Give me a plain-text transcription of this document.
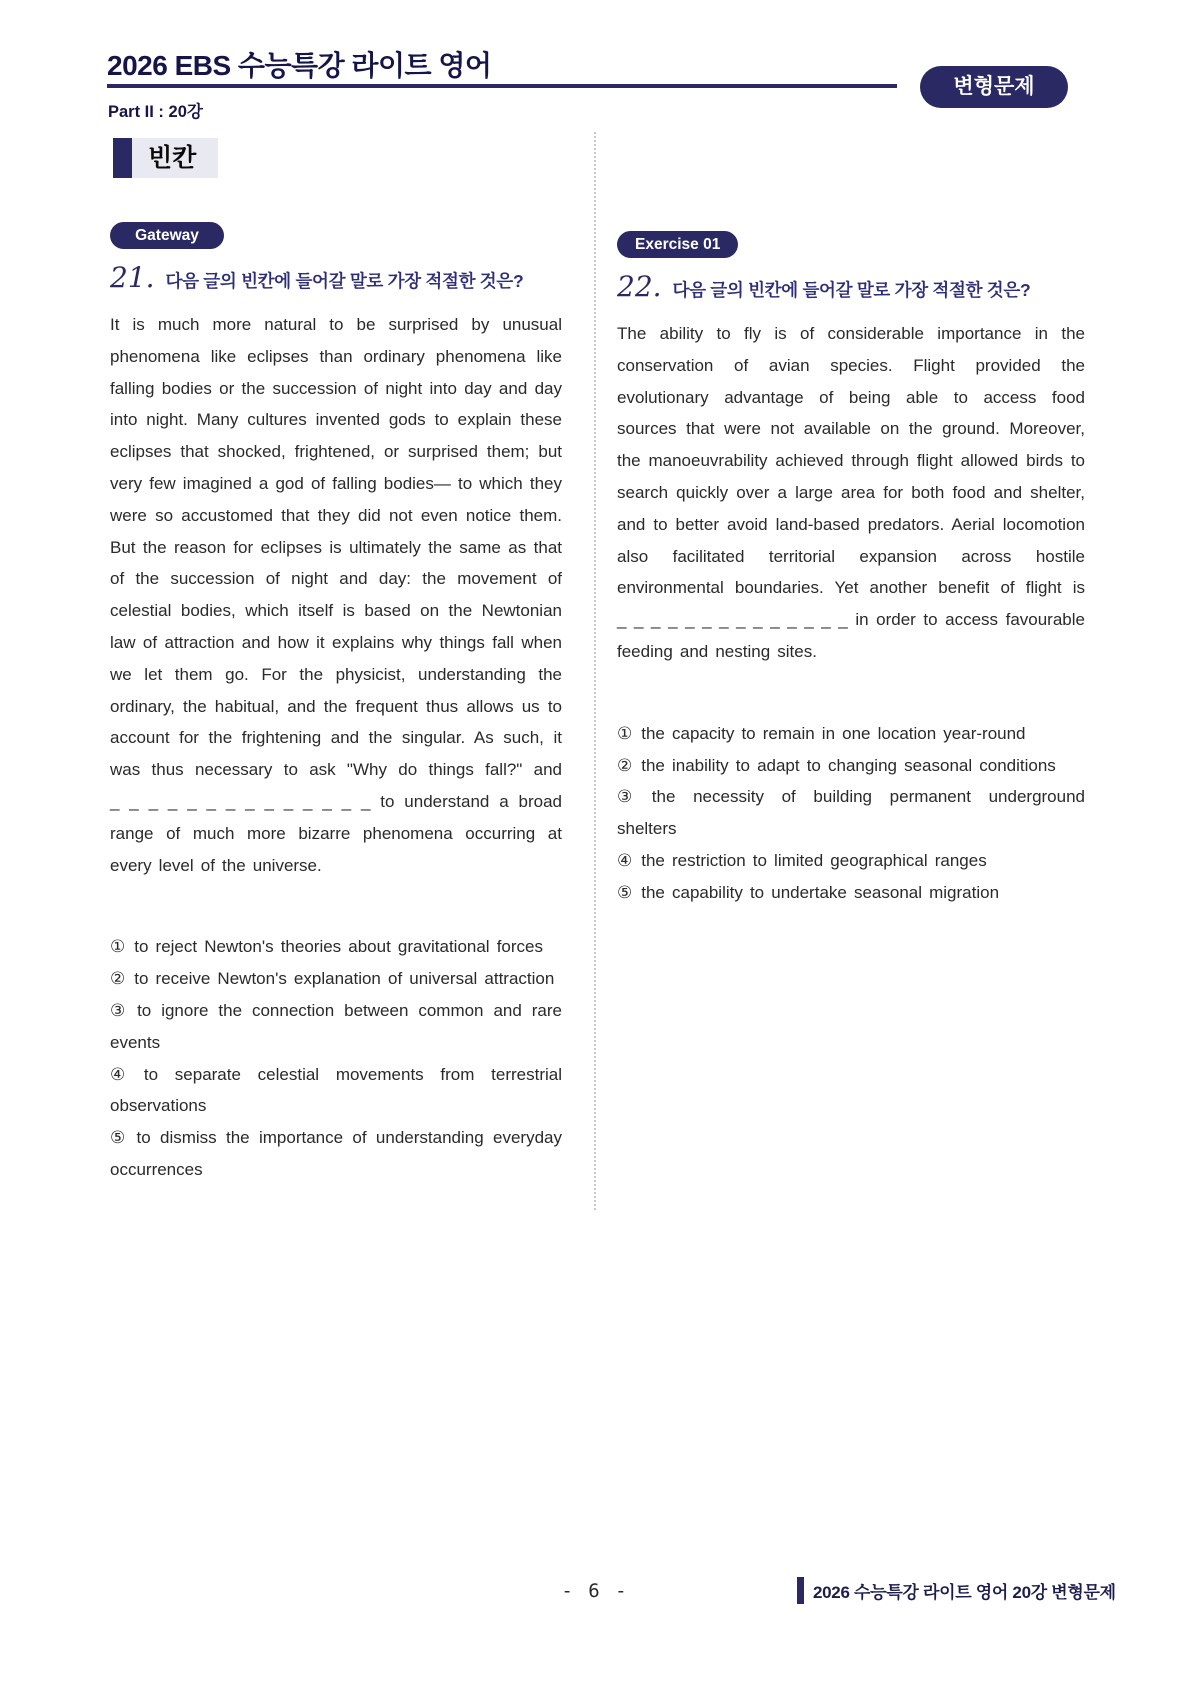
2026 EBS 수능특강 라이트 영어
Part II : 20강
변형문제
빈칸
Gateway
21. 다음 글의 빈칸에 들어갈 말로 가장 적절한 것은?
It is much more natural to be surprised by unusual phenomena like eclipses than ordinary phenomena like falling bodies or the succession of night into day and day into night. Many cultures invented gods to explain these eclipses that shocked, frightened, or surprised them; but very few imagined a god of falling bodies— to which they were so accustomed that they did not even notice them. But the reason for eclipses is ultimately the same as that of the succession of night and day: the movement of celestial bodies, which itself is based on the Newtonian law of attraction and how it explains why things fall when we let them go. For the physicist, understanding the ordinary, the habitual, and the frequent thus allows us to account for the frightening and the singular. As such, it was thus necessary to ask "Why do things fall?" and _ _ _ _ _ _ _ _ _ _ _ _ _ _ to understand a broad range of much more bizarre phenomena occurring at every level of the universe.

① to reject Newton's theories about gravitational forces

② to receive Newton's explanation of universal attraction

③ to ignore the connection between common and rare events

④ to separate celestial movements from terrestrial observations

⑤ to dismiss the importance of understanding everyday occurrences

Exercise 01
22. 다음 글의 빈칸에 들어갈 말로 가장 적절한 것은?
The ability to fly is of considerable importance in the conservation of avian species. Flight provided the evolutionary advantage of being able to access food sources that were not available on the ground. Moreover, the manoeuvrability achieved through flight allowed birds to search quickly over a large area for both food and shelter, and to better avoid land-based predators. Aerial locomotion also facilitated territorial expansion across hostile environmental boundaries. Yet another benefit of flight is _ _ _ _ _ _ _ _ _ _ _ _ _ _ in order to access favourable feeding and nesting sites.

① the capacity to remain in one location year-round

② the inability to adapt to changing seasonal conditions

③ the necessity of building permanent underground shelters

④ the restriction to limited geographical ranges

⑤ the capability to undertake seasonal migration

- 6 -	2026 수능특강 라이트 영어 20강 변형문제
